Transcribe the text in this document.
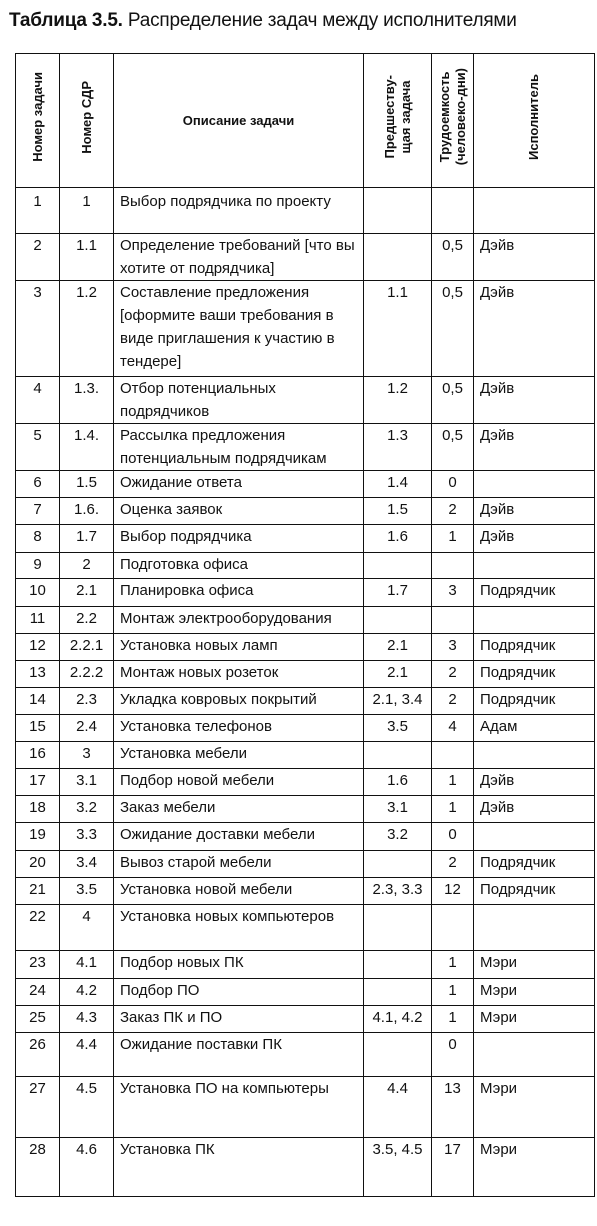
Таблица 3.5. Распределение задач между исполнителями
Номер задачи	Номер СДР	Описание задачи	Предшеству-
щая задача	Трудоемкость
(человеко-дни)	Исполнитель
1	1	Выбор подрядчика по проекту			
2	1.1	Определение требований [что вы хотите от подрядчика]		0,5	Дэйв
3	1.2	Составление предложения [оформите ваши требования в виде приглашения к участию в тендере]	1.1	0,5	Дэйв
4	1.3.	Отбор потенциальных подрядчиков	1.2	0,5	Дэйв
5	1.4.	Рассылка предложения потенциальным подрядчикам	1.3	0,5	Дэйв
6	1.5	Ожидание ответа	1.4	0	
7	1.6.	Оценка заявок	1.5	2	Дэйв
8	1.7	Выбор подрядчика	1.6	1	Дэйв
9	2	Подготовка офиса			
10	2.1	Планировка офиса	1.7	3	Подрядчик
11	2.2	Монтаж электрооборудования			
12	2.2.1	Установка новых ламп	2.1	3	Подрядчик
13	2.2.2	Монтаж новых розеток	2.1	2	Подрядчик
14	2.3	Укладка ковровых покрытий	2.1, 3.4	2	Подрядчик
15	2.4	Установка телефонов	3.5	4	Адам
16	3	Установка мебели			
17	3.1	Подбор новой мебели	1.6	1	Дэйв
18	3.2	Заказ мебели	3.1	1	Дэйв
19	3.3	Ожидание доставки мебели	3.2	0	
20	3.4	Вывоз старой мебели		2	Подрядчик
21	3.5	Установка новой мебели	2.3, 3.3	12	Подрядчик
22	4	Установка новых компьютеров			
23	4.1	Подбор новых ПК		1	Мэри
24	4.2	Подбор ПО		1	Мэри
25	4.3	Заказ ПК и ПО	4.1, 4.2	1	Мэри
26	4.4	Ожидание поставки ПК		0	
27	4.5	Установка ПО на компьютеры	4.4	13	Мэри
28	4.6	Установка ПК	3.5, 4.5	17	Мэри
